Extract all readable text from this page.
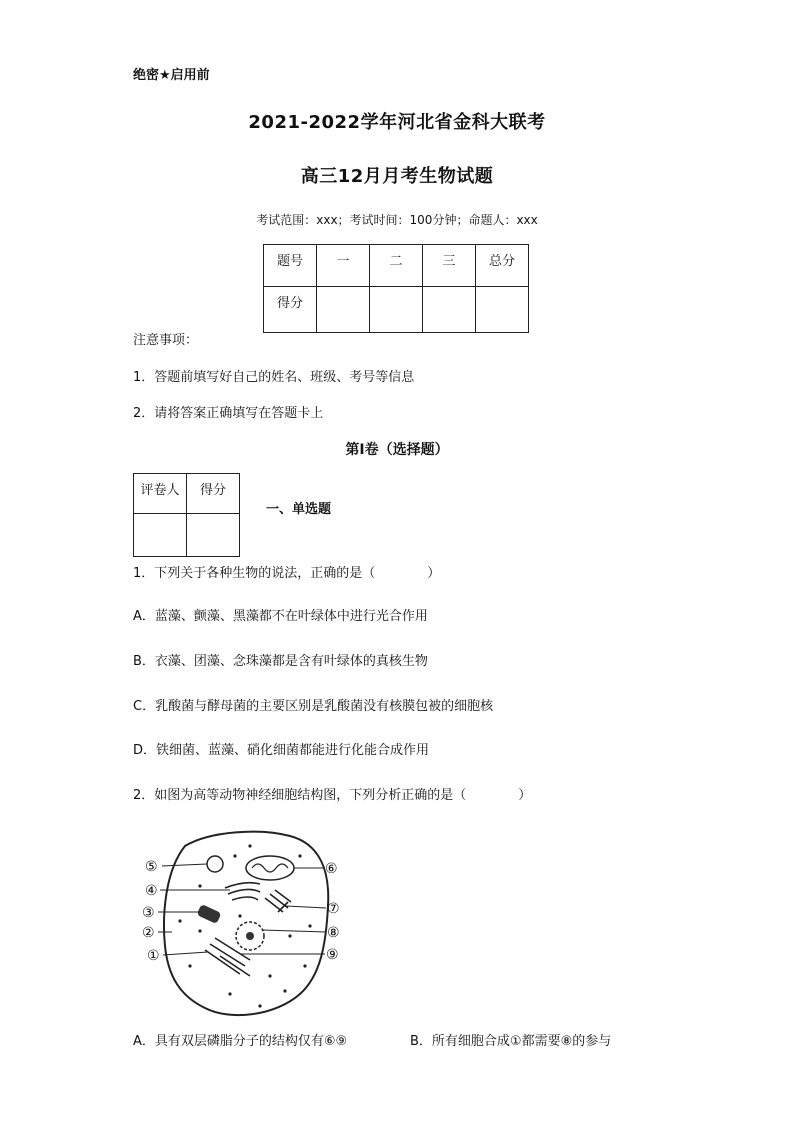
绝密★启用前
2021-2022学年河北省金科大联考
高三12月月考生物试题
考试范围：xxx；考试时间：100分钟；命题人：xxx
题号	一	二	三	总分
得分				
注意事项：
1．答题前填写好自己的姓名、班级、考号等信息
2．请将答案正确填写在答题卡上
第I卷（选择题）
评卷人	得分

一、单选题
1．下列关于各种生物的说法，正确的是（　　　　）
A．蓝藻、颤藻、黑藻都不在叶绿体中进行光合作用
B．衣藻、团藻、念珠藻都是含有叶绿体的真核生物
C．乳酸菌与酵母菌的主要区别是乳酸菌没有核膜包被的细胞核
D．铁细菌、蓝藻、硝化细菌都能进行化能合成作用
2．如图为高等动物神经细胞结构图，下列分析正确的是（　　　　）
⑤
④
③
②
①
⑥
⑦
⑧
⑨
A．具有双层磷脂分子的结构仅有⑥⑨	B．所有细胞合成①都需要⑧的参与
